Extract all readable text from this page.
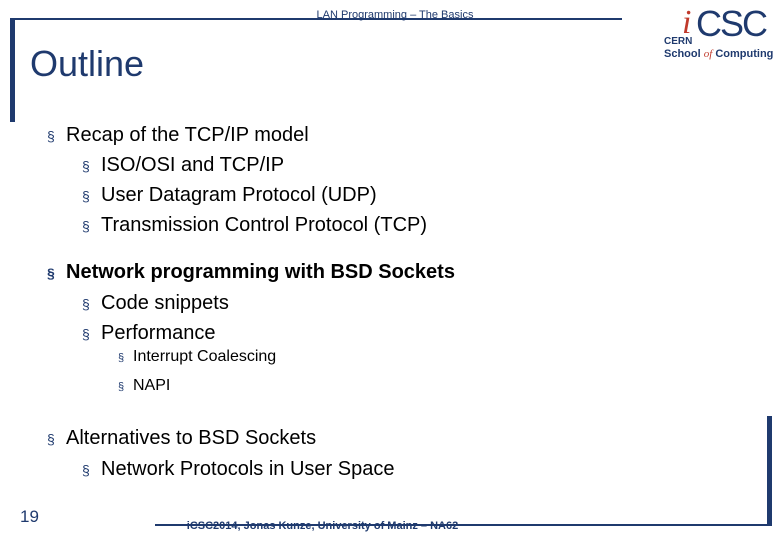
LAN Programming – The Basics
Outline
i CSC
CERN
School of Computing
§ Recap of the TCP/IP model
§ ISO/OSI and TCP/IP
§ User Datagram Protocol (UDP)
§ Transmission Control Protocol (TCP)
§ Network programming with BSD Sockets
§ Code snippets
§ Performance
§ Interrupt Coalescing
§ NAPI
§ Alternatives to BSD Sockets
§ Network Protocols in User Space
19	iCSC2014, Jonas Kunze, University of Mainz – NA62
